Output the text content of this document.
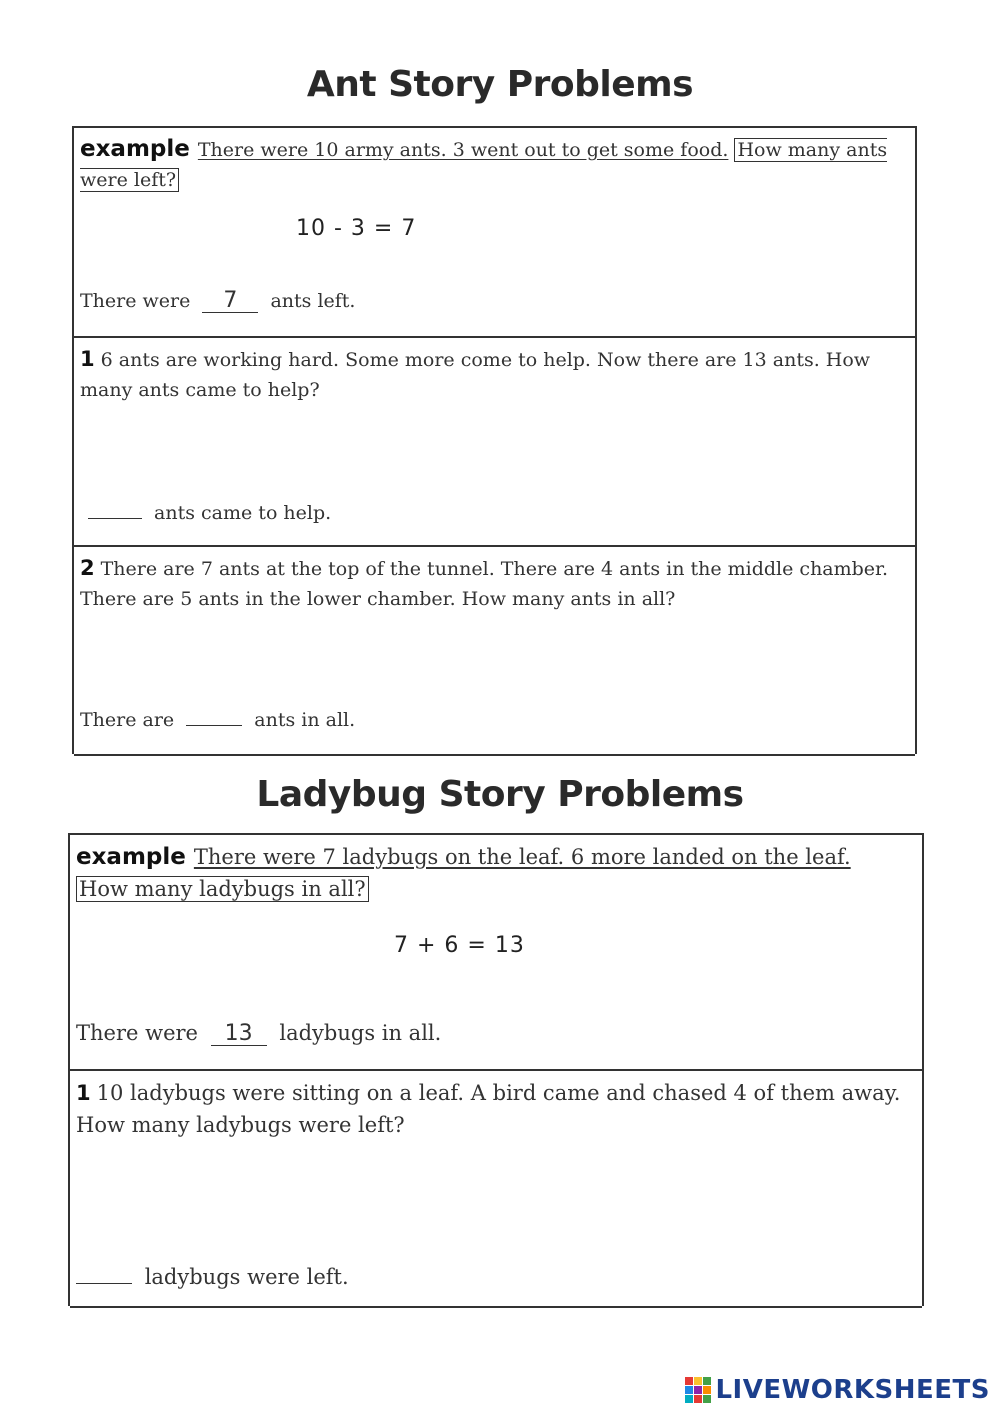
Ant Story Problems
example There were 10 army ants. 3 went out to get some food. How many ants were left?
10 - 3 = 7
There were 7 ants left.
1 6 ants are working hard. Some more come to help. Now there are 13 ants. How many ants came to help?
ants came to help.
2 There are 7 ants at the top of the tunnel. There are 4 ants in the middle chamber. There are 5 ants in the lower chamber. How many ants in all?
There are	ants in all.
Ladybug Story Problems
example There were 7 ladybugs on the leaf. 6 more landed on the leaf. How many ladybugs in all?
7 + 6 = 13
There were 13 ladybugs in all.
1 10 ladybugs were sitting on a leaf. A bird came and chased 4 of them away. How many ladybugs were left?
ladybugs were left.
LIVEWORKSHEETS
